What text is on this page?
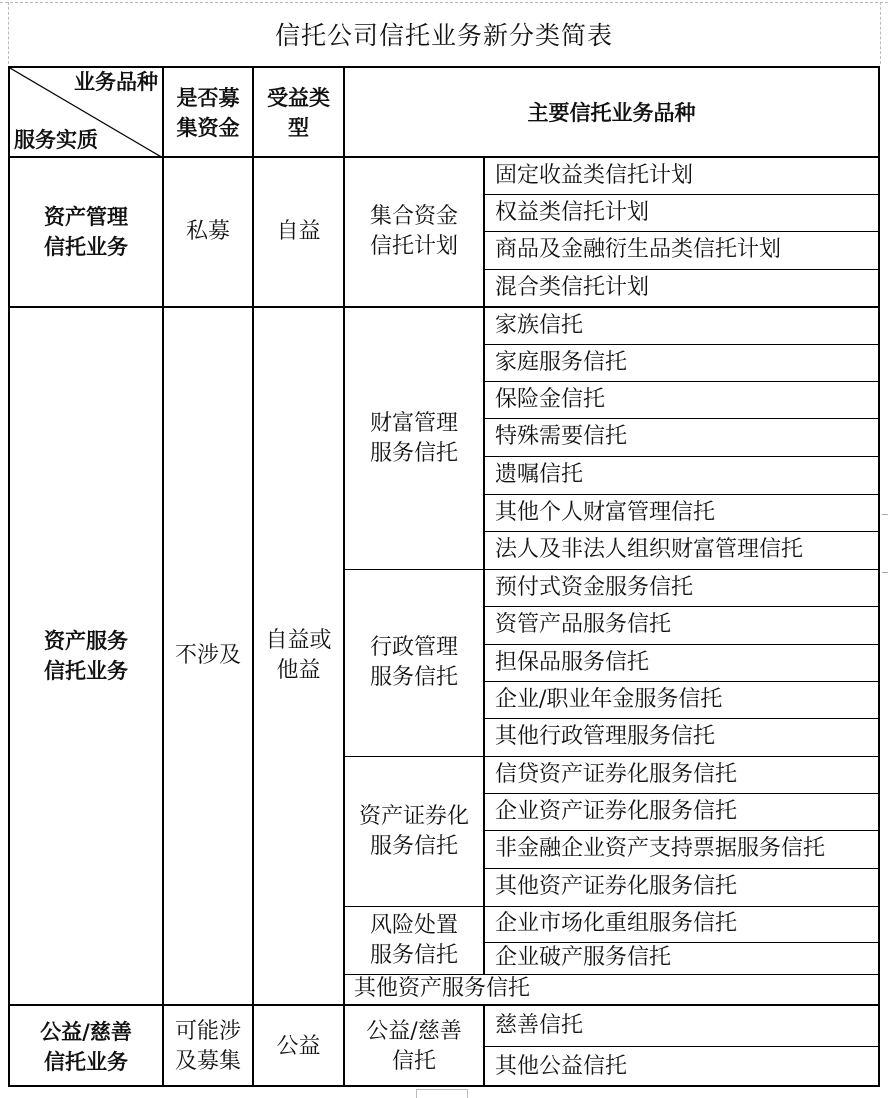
信托公司信托业务新分类简表
业务品种
服务实质
是否募集资金
受益类型
主要信托业务品种
资产管理信托业务
私募	自益
集合资金信托计划
固定收益类信托计划
权益类信托计划
商品及金融衍生品类信托计划
混合类信托计划
资产服务信托业务
不涉及
自益或他益
财富管理服务信托
家族信托
家庭服务信托
保险金信托
特殊需要信托
遗嘱信托
其他个人财富管理信托
法人及非法人组织财富管理信托
行政管理服务信托
预付式资金服务信托
资管产品服务信托
担保品服务信托
企业/职业年金服务信托
其他行政管理服务信托
资产证券化服务信托
信贷资产证券化服务信托
企业资产证券化服务信托
非金融企业资产支持票据服务信托
其他资产证券化服务信托
风险处置服务信托
企业市场化重组服务信托
企业破产服务信托
其他资产服务信托
公益/慈善信托业务
可能涉及募集
公益
公益/慈善信托
慈善信托
其他公益信托
